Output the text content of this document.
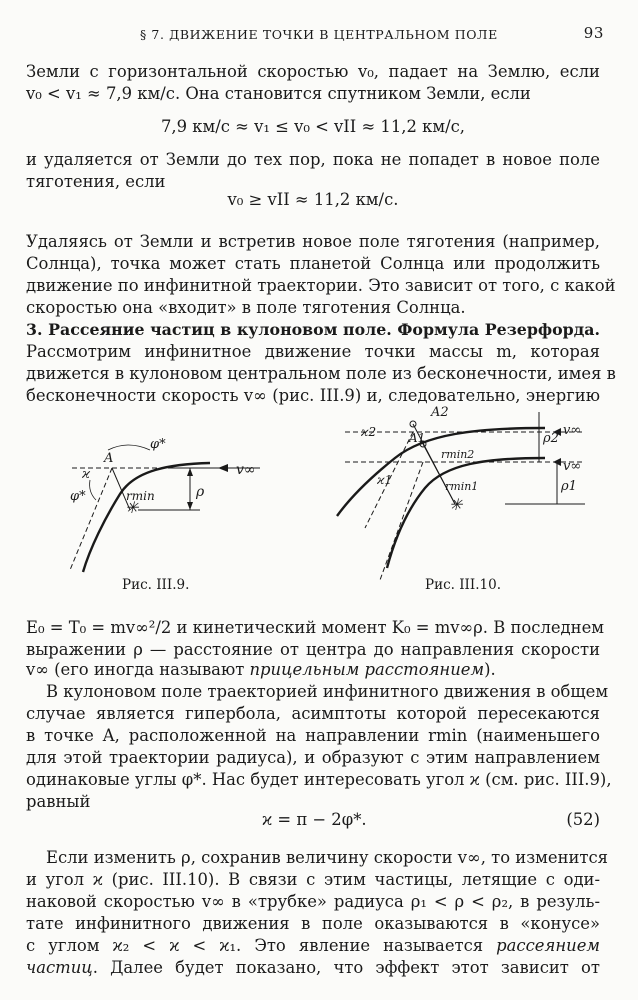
§ 7. ДВИЖЕНИЕ ТОЧКИ В ЦЕНТРАЛЬНОМ ПОЛЕ	93
Земли с горизонтальной скоростью v₀, падает на Землю, если
v₀ < v₁ ≈ 7,9 км/с. Она становится спутником Земли, если
7,9 км/с ≈ v₁ ≤ v₀ < vII ≈ 11,2 км/с,
и удаляется от Земли до тех пор, пока не попадет в новое поле
тяготения, если
v₀ ≥ vII ≈ 11,2 км/с.
Удаляясь от Земли и встретив новое поле тяготения (например,
Солнца), точка может стать планетой Солнца или продолжить
движение по инфинитной траектории. Это зависит от того, с какой
скоростью она «входит» в поле тяготения Солнца.
3. Рассеяние частиц в кулоновом поле. Формула Резерфорда.
Рассмотрим инфинитное движение точки массы m, которая
движется в кулоновом центральном поле из бесконечности, имея в
бесконечности скорость v∞ (рис. III.9) и, следовательно, энергию
✳
A
φ*
ϰ
φ*	rmin	ρ
v∞
Рис. III.9.
✳
A2
A1
ϰ2
ϰ1
rmin2
rmin1
ρ2
ρ1
v∞
v∞
Рис. III.10.
E₀ = T₀ = mv∞²/2 и кинетический момент K₀ = mv∞ρ. В последнем
выражении ρ — расстояние от центра до направления скорости
v∞ (его иногда называют прицельным расстоянием).
В кулоновом поле траекторией инфинитного движения в общем
случае является гипербола, асимптоты которой пересекаются
в точке A, расположенной на направлении rmin (наименьшего
для этой траектории радиуса), и образуют с этим направлением
одинаковые углы φ*. Нас будет интересовать угол ϰ (см. рис. III.9),
равный
ϰ = π − 2φ*.	(52)
Если изменить ρ, сохранив величину скорости v∞, то изменится
и угол ϰ (рис. III.10). В связи с этим частицы, летящие с оди-
наковой скоростью v∞ в «трубке» радиуса ρ₁ < ρ < ρ₂, в резуль-
тате инфинитного движения в поле оказываются в «конусе»
с углом ϰ₂ < ϰ < ϰ₁. Это явление называется рассеянием
частиц. Далее будет показано, что эффект этот зависит от
